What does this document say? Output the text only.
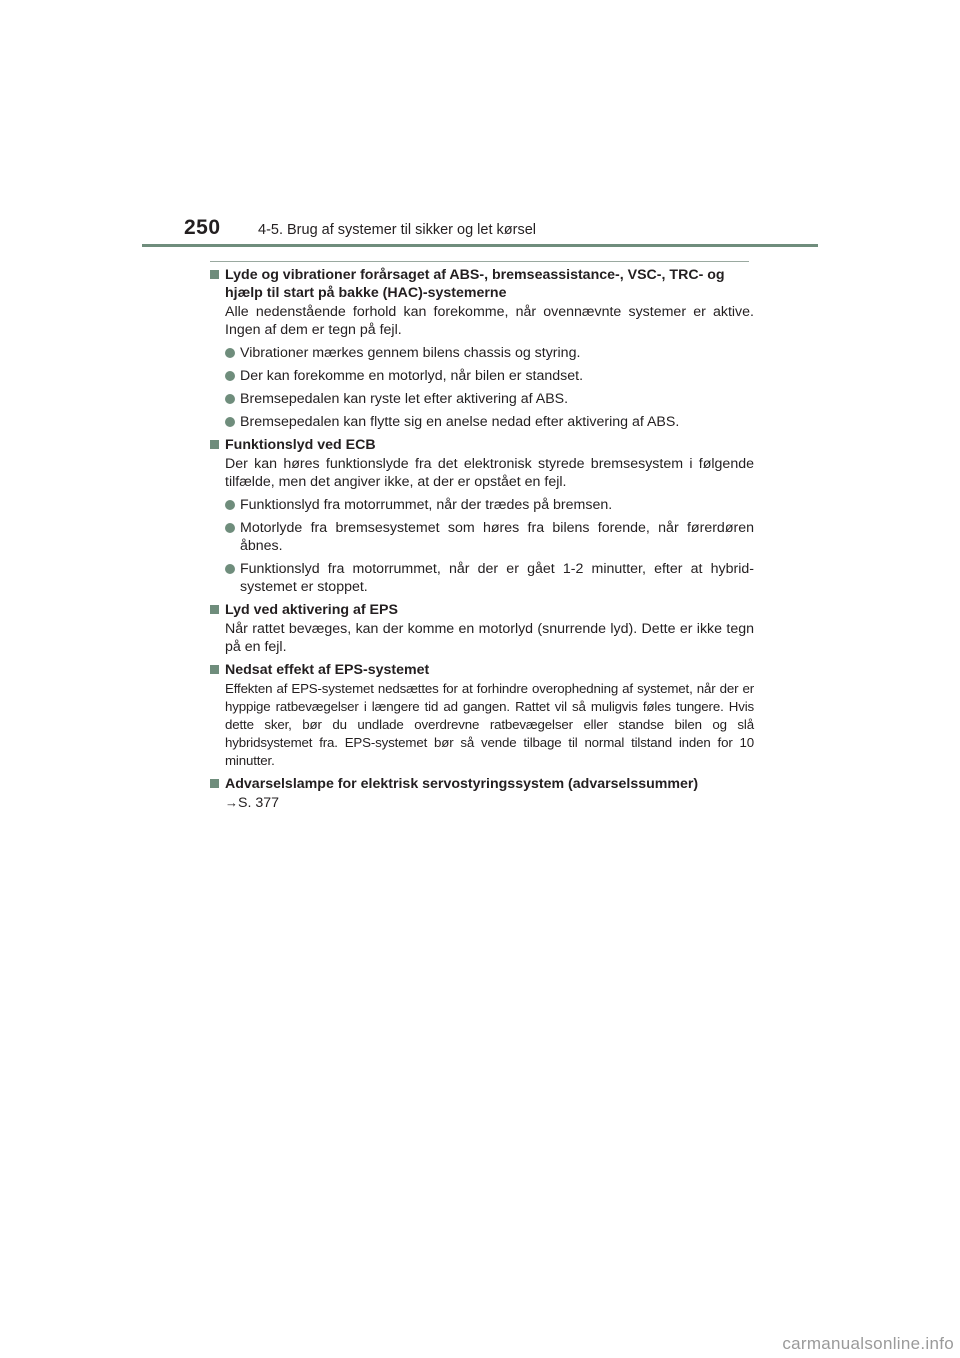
250	4-5. Brug af systemer til sikker og let kørsel
Lyde og vibrationer forårsaget af ABS-, bremseassistance-, VSC-, TRC- og hjælp til start på bakke (HAC)-systemerne
Alle nedenstående forhold kan forekomme, når ovennævnte systemer er aktive. Ingen af dem er tegn på fejl.
Vibrationer mærkes gennem bilens chassis og styring.
Der kan forekomme en motorlyd, når bilen er standset.
Bremsepedalen kan ryste let efter aktivering af ABS.
Bremsepedalen kan flytte sig en anelse nedad efter aktivering af ABS.
Funktionslyd ved ECB
Der kan høres funktionslyde fra det elektronisk styrede bremsesystem i følgende tilfælde, men det angiver ikke, at der er opstået en fejl.
Funktionslyd fra motorrummet, når der trædes på bremsen.
Motorlyde fra bremsesystemet som høres fra bilens forende, når førerdøren åbnes.
Funktionslyd fra motorrummet, når der er gået 1-2 minutter, efter at hybrid-systemet er stoppet.
Lyd ved aktivering af EPS
Når rattet bevæges, kan der komme en motorlyd (snurrende lyd). Dette er ikke tegn på en fejl.
Nedsat effekt af EPS-systemet
Effekten af EPS-systemet nedsættes for at forhindre overophedning af systemet, når der er hyppige ratbevægelser i længere tid ad gangen. Rattet vil så muligvis føles tungere. Hvis dette sker, bør du undlade overdrevne ratbevægelser eller standse bilen og slå hybridsystemet fra. EPS-systemet bør så vende tilbage til normal tilstand inden for 10 minutter.
Advarselslampe for elektrisk servostyringssystem (advarselssummer)
→S. 377
carmanualsonline.info
